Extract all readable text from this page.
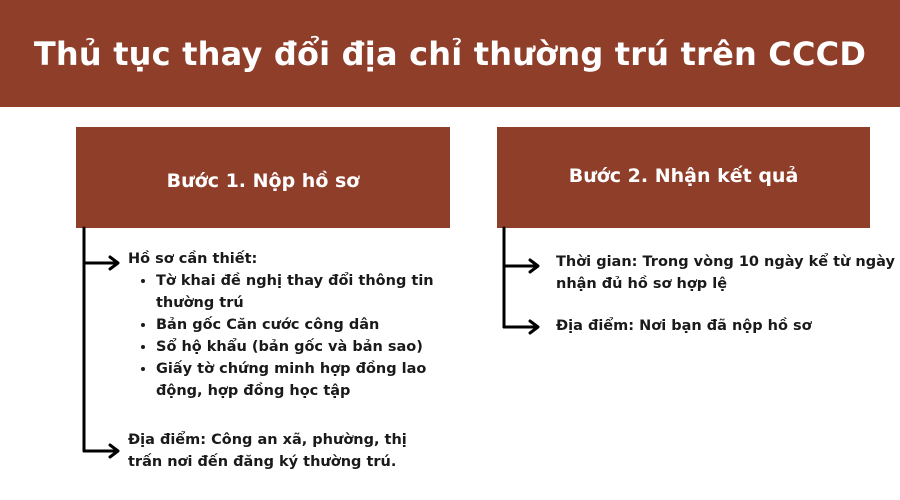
Thủ tục thay đổi địa chỉ thường trú trên CCCD
Bước 1. Nộp hồ sơ	Bước 2. Nhận kết quả
Hồ sơ cần thiết:
• Tờ khai đề nghị thay đổi thông tin thường trú
• Bản gốc Căn cước công dân
• Sổ hộ khẩu (bản gốc và bản sao)
• Giấy tờ chứng minh hợp đồng lao động, hợp đồng học tập
Địa điểm: Công an xã, phường, thị trấn nơi đến đăng ký thường trú.
Thời gian: Trong vòng 10 ngày kể từ ngày nhận đủ hồ sơ hợp lệ
Địa điểm: Nơi bạn đã nộp hồ sơ
